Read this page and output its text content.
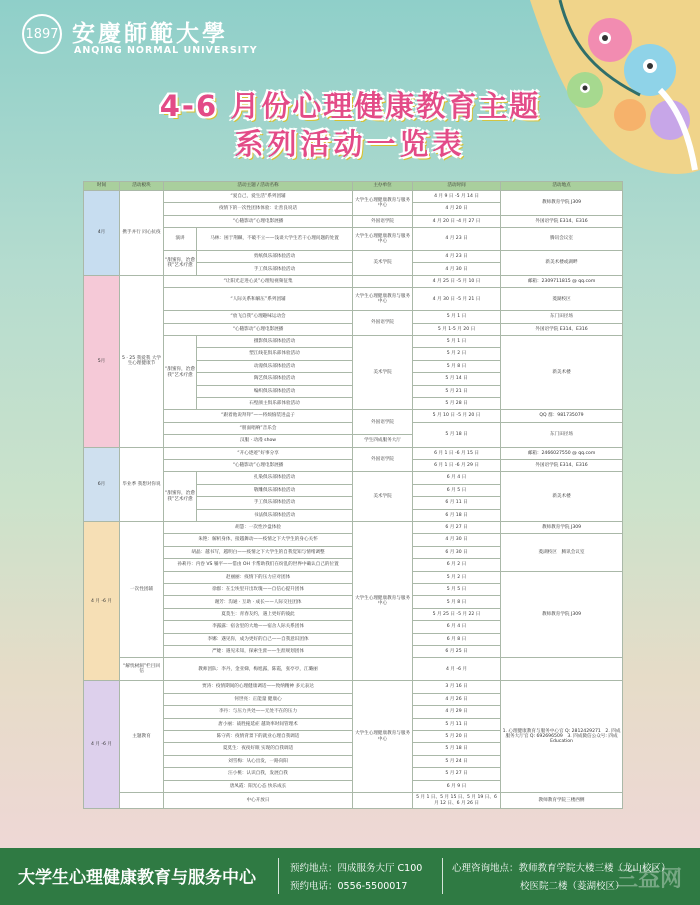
1897 安慶師範大學
ANQING NORMAL UNIVERSITY
4-6 月份心理健康教育主题
系列活动一览表
时间	活动板块	活动主题 / 活动名称		主办单位	活动时间	活动地点
4月	携手并行 同心抗疫	“爱自己，爱生活”系列团辅		大学生心理健康教育与服务中心	4 月 9 日 -5 月 14 日	教师教育学院 J309
		疫情下的一次性团体体验：让善良说话			4 月 20 日	
		“心随影动”心理电影展播		外国语学院	4 月 20 日 -4 月 27 日	外国语学院 E314、E316
		演讲	马林：困于荆棘，不破不立——浅谈大学生若干心理问题的处置	大学生心理健康教育与服务中心	4 月 23 日	腾讯会议室
		“甜蜜你，治愈我”艺术疗愈	剪纸俱乐部体验活动	美术学院	4 月 23 日	新美术楼或湖畔
			手工俱乐部体验活动		4 月 30 日	
5月	5 · 25 我爱我 大学生心理健康节	“让阳光走进心灵”心理短视频征集			4 月 25 日 -5 月 10 日	邮箱：2309711815 @ qq.com
		“人际关系和解压”系列团辅		大学生心理健康教育与服务中心	4 月 30 日 -5 月 21 日	菱湖校区
		“放飞自我”心理趣味运动会		外国语学院	5 月 1 日	东门田径场
		“心随影动”心理电影展播			5 月 1-5 月 20 日	外国语学院 E314、E316
		“甜蜜你，治愈我”艺术疗愈	摄影俱乐部体验活动	美术学院	5 月 1 日	新美术楼
			塑江线花俱乐部体验活动		5 月 2 日	
			动漫俱乐部体验活动		5 月 8 日	
			陶艺俱乐部体验活动		5 月 14 日	
			编织俱乐部体验活动		5 月 21 日	
			石壁颜主俱乐部体验活动		5 月 28 日	
		“跟着他说拜拜”——将烦恼装进盒子		外国语学院	5 月 10 日 -5 月 20 日	QQ 群：981735079
		“朋面唱响”音乐会			5 月 18 日	东门田径场
		汉服 · 动漫 show		学生四成服务大厅		
6月	毕业季 我想对你说	“开心逐迹”好事分享		外国语学院	6 月 1 日 -6 月 15 日	邮箱：2466027550 @ qq.com
		“心随影动”心理电影展播			6 月 1 日 -6 月 29 日	外国语学院 E314、E316
		“甜蜜你，治愈我”艺术疗愈	扎染俱乐部体验活动	美术学院	6 月 4 日	新美术楼
			敬雕俱乐部体验活动		6 月 5 日	
			手工俱乐部体验活动		6 月 11 日	
			书法俱乐部体验活动		6 月 18 日	
4 月 -6 月	一次性团辅	胡慧：一次性沙盘体验		大学生心理健康教育与服务中心	6 月 27 日	教师教育学院 J309
		朱艳：解析身体，接越舞动——疫情之下大学生的身心关怀			4 月 30 日	菱湖校区　腾讯会议室
		胡晶：越书写，越明白——疫情之下大学生的自我觉知与情绪调整			6 月 30 日	
		孙莉丹：内卷 VS 躺平——借由 OH 卡帮助我们在纷乱的世界中确认自己的位置			6 月 2 日	
		赵丽丽：疫情下的压力应对团体			5 月 2 日	教师教育学院 J309
		徐群：在尘埃里开出玫瑰——自信心提升团体			5 月 5 日	
		谢芳：沟通 · 互助 · 成长——人际交往团体			5 月 8 日	
		夏莫生：青春友约，遇上更好的彼此			5 月 25 日 -5 月 22 日	
		李露露：宿舍里的大地——宿舍人际关系团体			6 月 4 日	
		李娜：遇见你，成为更好的自己——自我意识团体			6 月 8 日	
		严婕：遇见未知，探索生涯——生涯规划团体			6 月 25 日	
	“解忧树洞”栏目回信	教师团队：李丹，金亚娣，梅旭露，陈霞，张亭亭，江璐丽			4 月 -6 月	
4 月 -6 月	主题教育	贾涛：疫情期间的心理健康调适——致纳精神 多元表达		大学生心理健康教育与服务中心	3 月 16 日	1. 心理健康教育与服务中心官 Q: 2812429271　2. 四成服务大厅官 Q: 692696509　3. 四成微信公众号: 四成 Education
		何世亮：正能量 健康心			4 月 26 日	
		李丹：与压力共处——无处不在的压力			4 月 29 日	
		唐小丽：战胜拖延症 越效率时间管理术			5 月 11 日	
		陈守药：疫情背景下的就业心理自我调适			5 月 20 日	
		夏莫生：夜夜好眠 实现的自我调适			5 月 18 日	
		刘雪梅：从心出发，一路向阳			5 月 24 日	
		汪小桃：认识自我，发展自我			5 月 27 日	
		唐凤霞：阳光心态 快乐成长			6 月 9 日	
		中心开放日			5 月 1 日、5 月 15 日、5 月 19 日、6 月 12 日、6 月 26 日	教师教育学院三楼西侧
大学生心理健康教育与服务中心	预约地点：四成服务大厅 C100
预约电话：0556-5500017
心理咨询地点：教师教育学院大楼三楼（龙山校区）
校医院二楼（菱湖校区）
三益网
